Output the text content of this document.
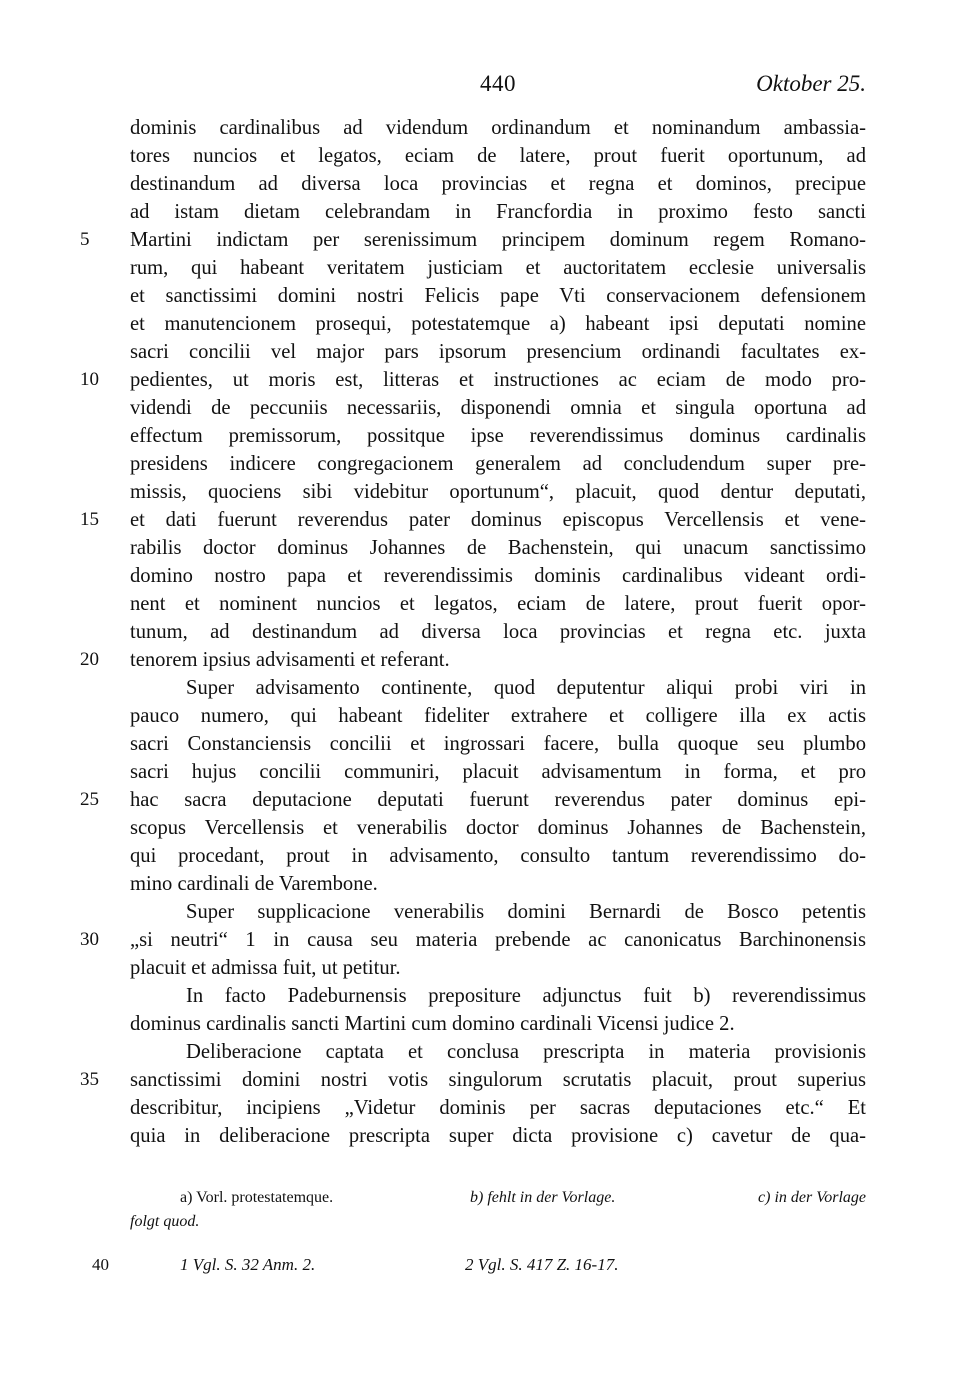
440	Oktober 25.
5
10
15
20
25
30
35
dominis cardinalibus ad videndum ordinandum et nominandum ambassia-
tores nuncios et legatos, eciam de latere, prout fuerit oportunum, ad
destinandum ad diversa loca provincias et regna et dominos, precipue
ad istam dietam celebrandam in Francfordia in proximo festo sancti
Martini indictam per serenissimum principem dominum regem Romano-
rum, qui habeant veritatem justiciam et auctoritatem ecclesie universalis
et sanctissimi domini nostri Felicis pape Vti conservacionem defensionem
et manutencionem prosequi, potestatemque a) habeant ipsi deputati nomine
sacri concilii vel major pars ipsorum presencium ordinandi facultates ex-
pedientes, ut moris est, litteras et instructiones ac eciam de modo pro-
videndi de peccuniis necessariis, disponendi omnia et singula oportuna ad
effectum premissorum, possitque ipse reverendissimus dominus cardinalis
presidens indicere congregacionem generalem ad concludendum super pre-
missis, quociens sibi videbitur oportunum“, placuit, quod dentur deputati,
et dati fuerunt reverendus pater dominus episcopus Vercellensis et vene-
rabilis doctor dominus Johannes de Bachenstein, qui unacum sanctissimo
domino nostro papa et reverendissimis dominis cardinalibus videant ordi-
nent et nominent nuncios et legatos, eciam de latere, prout fuerit opor-
tunum, ad destinandum ad diversa loca provincias et regna etc. juxta
tenorem ipsius advisamenti et referant.
Super advisamento continente, quod deputentur aliqui probi viri in
pauco numero, qui habeant fideliter extrahere et colligere illa ex actis
sacri Constanciensis concilii et ingrossari facere, bulla quoque seu plumbo
sacri hujus concilii communiri, placuit advisamentum in forma, et pro
hac sacra deputacione deputati fuerunt reverendus pater dominus epi-
scopus Vercellensis et venerabilis doctor dominus Johannes de Bachenstein,
qui procedant, prout in advisamento, consulto tantum reverendissimo do-
mino cardinali de Varembone.
Super supplicacione venerabilis domini Bernardi de Bosco petentis
„si neutri“ 1 in causa seu materia prebende ac canonicatus Barchinonensis
placuit et admissa fuit, ut petitur.
In facto Padeburnensis prepositure adjunctus fuit b) reverendissimus
dominus cardinalis sancti Martini cum domino cardinali Vicensi judice 2.
Deliberacione captata et conclusa prescripta in materia provisionis
sanctissimi domini nostri votis singulorum scrutatis placuit, prout superius
describitur, incipiens „Videtur dominis per sacras deputaciones etc.“ Et
quia in deliberacione prescripta super dicta provisione c) cavetur de qua-
a) Vorl. protestatemque.	b) fehlt in der Vorlage.	c) in der Vorlage
folgt quod.
40	1 Vgl. S. 32 Anm. 2.	2 Vgl. S. 417 Z. 16-17.
